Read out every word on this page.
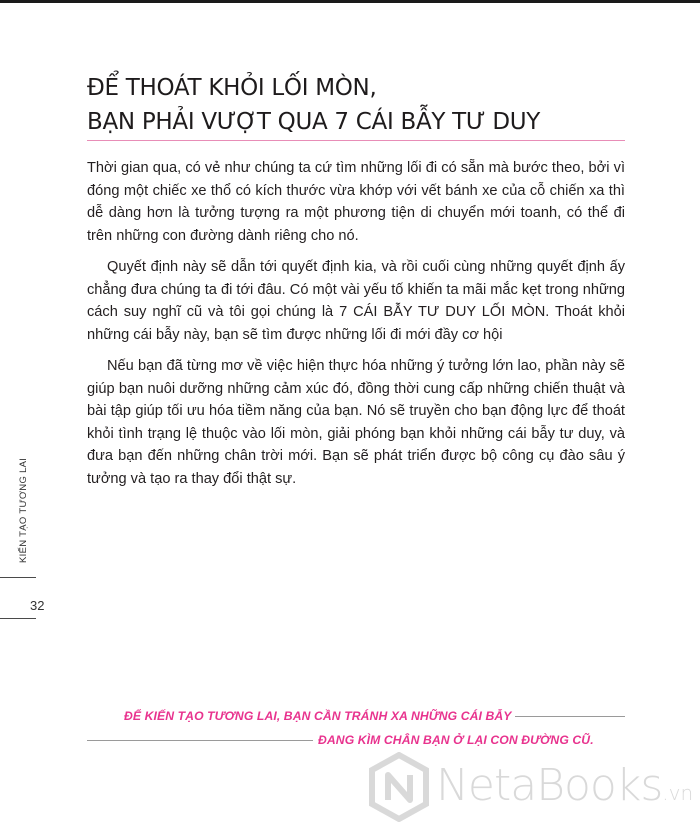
ĐỂ THOÁT KHỎI LỐI MÒN,
BẠN PHẢI VƯỢT QUA 7 CÁI BẪY TƯ DUY

Thời gian qua, có vẻ như chúng ta cứ tìm những lối đi có sẵn mà bước theo, bởi vì đóng một chiếc xe thổ có kích thước vừa khớp với vết bánh xe của cỗ chiến xa thì dễ dàng hơn là tưởng tượng ra một phương tiện di chuyển mới toanh, có thể đi trên những con đường dành riêng cho nó.

Quyết định này sẽ dẫn tới quyết định kia, và rồi cuối cùng những quyết định ấy chẳng đưa chúng ta đi tới đâu. Có một vài yếu tố khiến ta mãi mắc kẹt trong những cách suy nghĩ cũ và tôi gọi chúng là 7 CÁI BẪY TƯ DUY LỐI MÒN. Thoát khỏi những cái bẫy này, bạn sẽ tìm được những lối đi mới đầy cơ hội

Nếu bạn đã từng mơ về việc hiện thực hóa những ý tưởng lớn lao, phần này sẽ giúp bạn nuôi dưỡng những cảm xúc đó, đồng thời cung cấp những chiến thuật và bài tập giúp tối ưu hóa tiềm năng của bạn. Nó sẽ truyền cho bạn động lực để thoát khỏi tình trạng lệ thuộc vào lối mòn, giải phóng bạn khỏi những cái bẫy tư duy, và đưa bạn đến những chân trời mới. Bạn sẽ phát triển được bộ công cụ đào sâu ý tưởng và tạo ra thay đổi thật sự.

KIẾN TẠO TƯƠNG LAI
32
ĐỂ KIẾN TẠO TƯƠNG LAI, BẠN CẦN TRÁNH XA NHỮNG CÁI BẪY
ĐANG KÌM CHÂN BẠN Ở LẠI CON ĐƯỜNG CŨ.
NetaBooks.vn
